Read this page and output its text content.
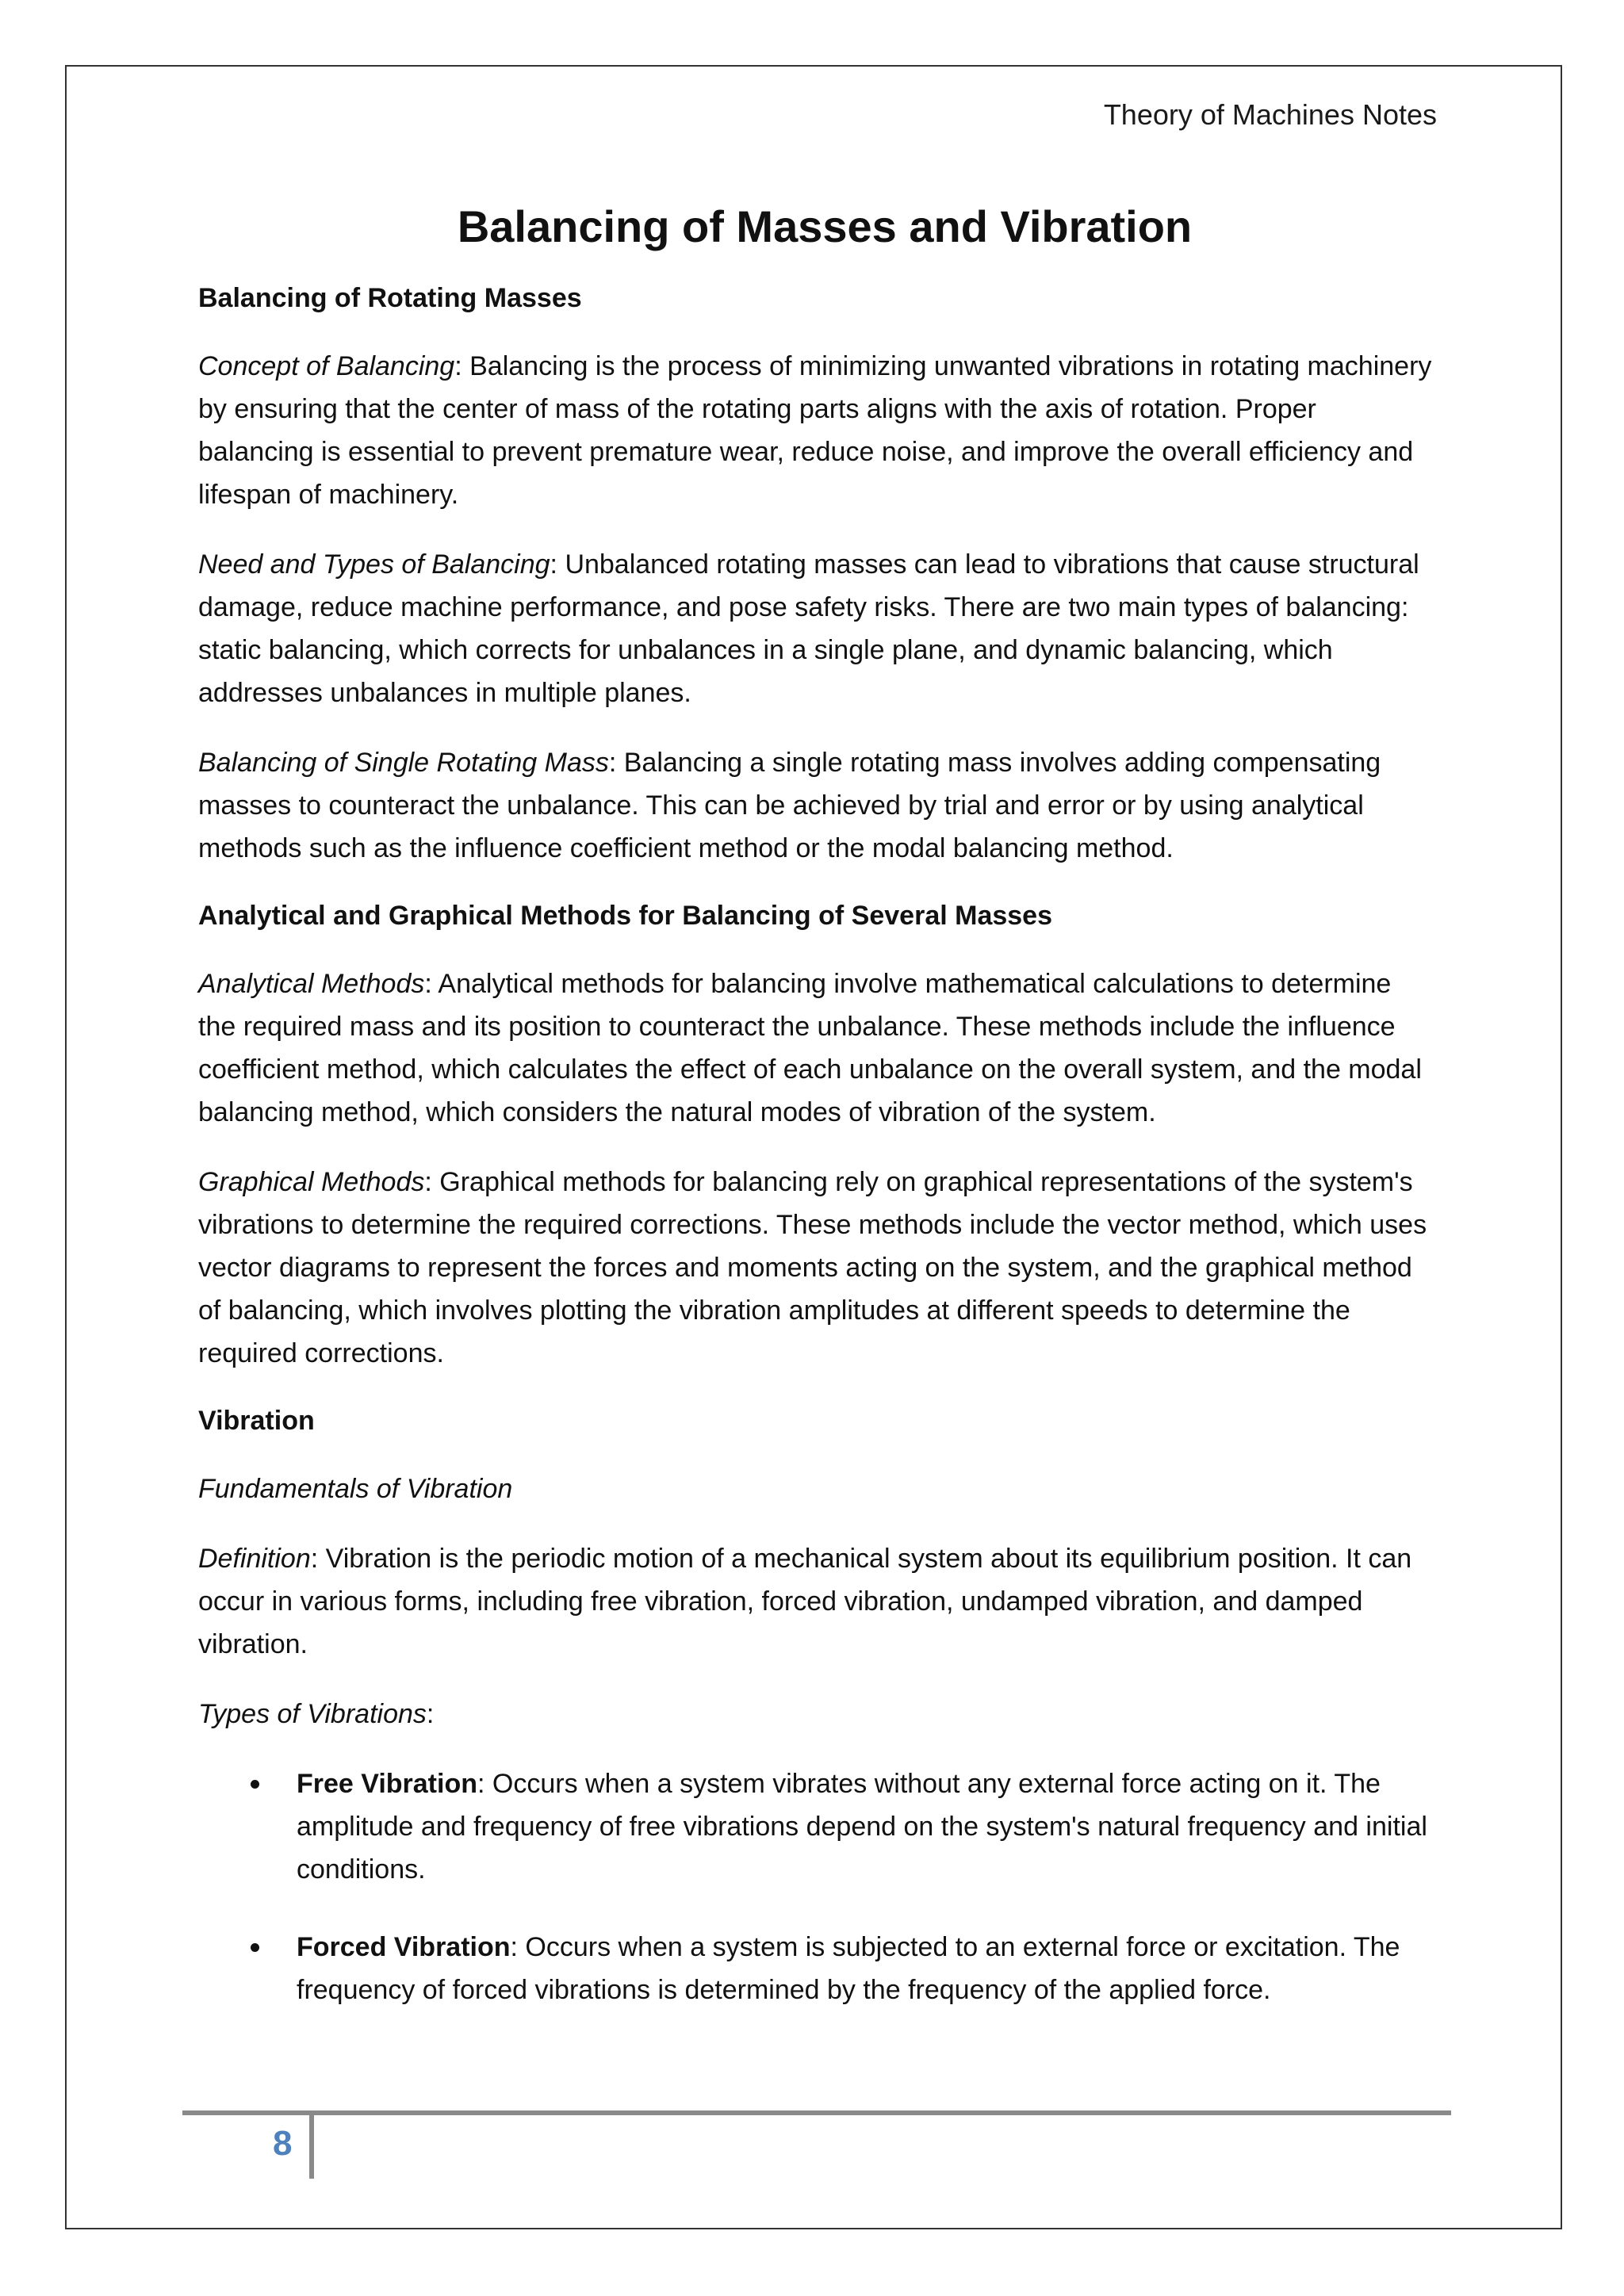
Theory of Machines Notes
Balancing of Masses and Vibration
Balancing of Rotating Masses

Concept of Balancing: Balancing is the process of minimizing unwanted vibrations in rotating machinery by ensuring that the center of mass of the rotating parts aligns with the axis of rotation. Proper balancing is essential to prevent premature wear, reduce noise, and improve the overall efficiency and lifespan of machinery.

Need and Types of Balancing: Unbalanced rotating masses can lead to vibrations that cause structural damage, reduce machine performance, and pose safety risks. There are two main types of balancing: static balancing, which corrects for unbalances in a single plane, and dynamic balancing, which addresses unbalances in multiple planes.

Balancing of Single Rotating Mass: Balancing a single rotating mass involves adding compensating masses to counteract the unbalance. This can be achieved by trial and error or by using analytical methods such as the influence coefficient method or the modal balancing method.

Analytical and Graphical Methods for Balancing of Several Masses

Analytical Methods: Analytical methods for balancing involve mathematical calculations to determine the required mass and its position to counteract the unbalance. These methods include the influence coefficient method, which calculates the effect of each unbalance on the overall system, and the modal balancing method, which considers the natural modes of vibration of the system.

Graphical Methods: Graphical methods for balancing rely on graphical representations of the system's vibrations to determine the required corrections. These methods include the vector method, which uses vector diagrams to represent the forces and moments acting on the system, and the graphical method of balancing, which involves plotting the vibration amplitudes at different speeds to determine the required corrections.

Vibration

Fundamentals of Vibration

Definition: Vibration is the periodic motion of a mechanical system about its equilibrium position. It can occur in various forms, including free vibration, forced vibration, undamped vibration, and damped vibration.

Types of Vibrations:

Free Vibration: Occurs when a system vibrates without any external force acting on it. The amplitude and frequency of free vibrations depend on the system's natural frequency and initial conditions.
Forced Vibration: Occurs when a system is subjected to an external force or excitation. The frequency of forced vibrations is determined by the frequency of the applied force.
8
